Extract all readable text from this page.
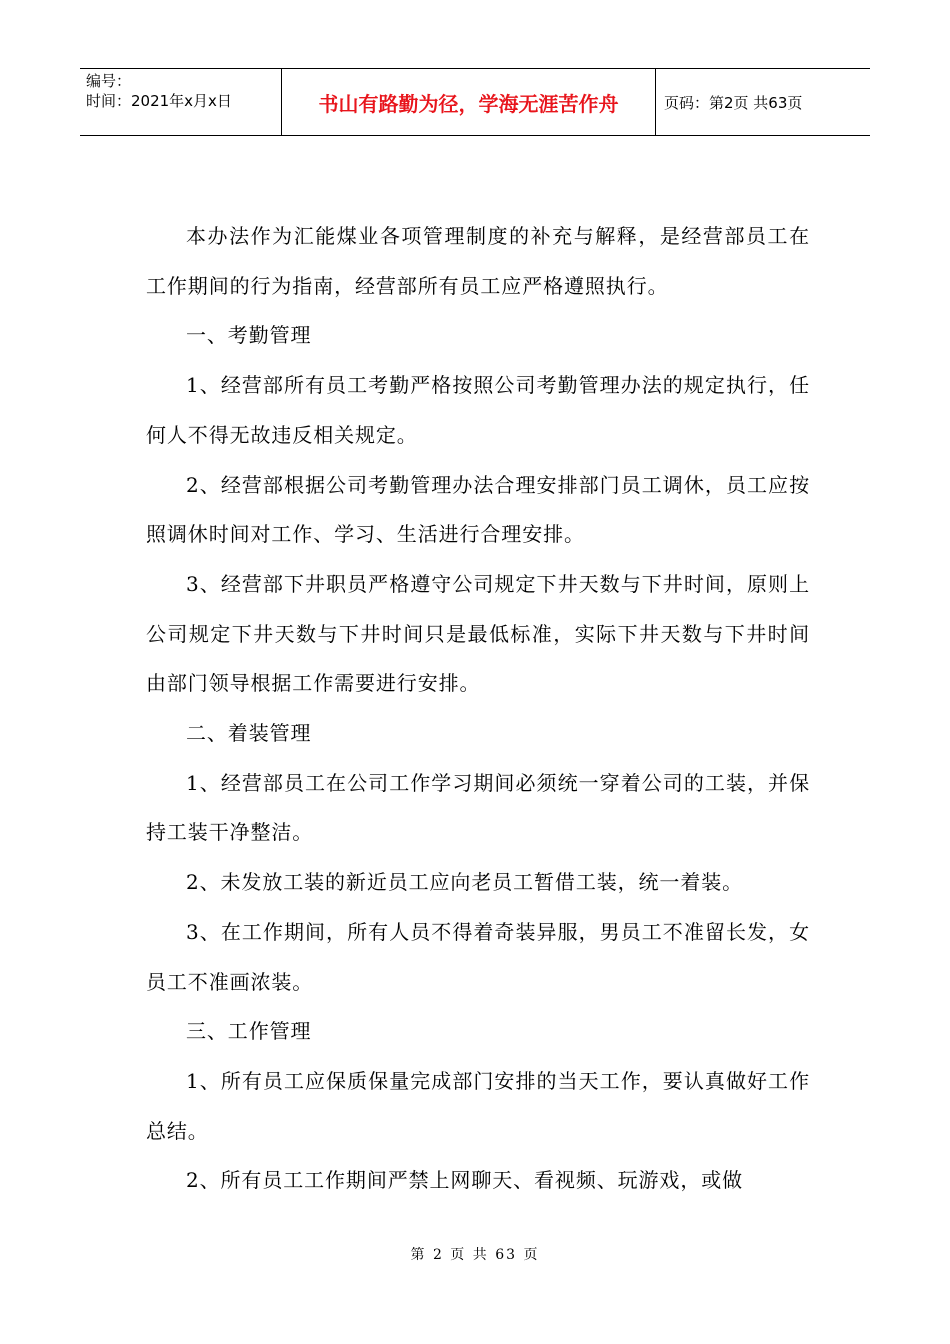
编号：
时间：2021年x月x日	书山有路勤为径，学海无涯苦作舟	页码：第2页 共63页

本办法作为汇能煤业各项管理制度的补充与解释，是经营部员工在工作期间的行为指南，经营部所有员工应严格遵照执行。

一、考勤管理

1、经营部所有员工考勤严格按照公司考勤管理办法的规定执行，任何人不得无故违反相关规定。

2、经营部根据公司考勤管理办法合理安排部门员工调休，员工应按照调休时间对工作、学习、生活进行合理安排。

3、经营部下井职员严格遵守公司规定下井天数与下井时间，原则上公司规定下井天数与下井时间只是最低标准，实际下井天数与下井时间由部门领导根据工作需要进行安排。

二、着装管理

1、经营部员工在公司工作学习期间必须统一穿着公司的工装，并保持工装干净整洁。

2、未发放工装的新近员工应向老员工暂借工装，统一着装。

3、在工作期间，所有人员不得着奇装异服，男员工不准留长发，女员工不准画浓装。

三、工作管理

1、所有员工应保质保量完成部门安排的当天工作，要认真做好工作总结。

2、所有员工工作期间严禁上网聊天、看视频、玩游戏，或做

第 2 页 共 63 页
